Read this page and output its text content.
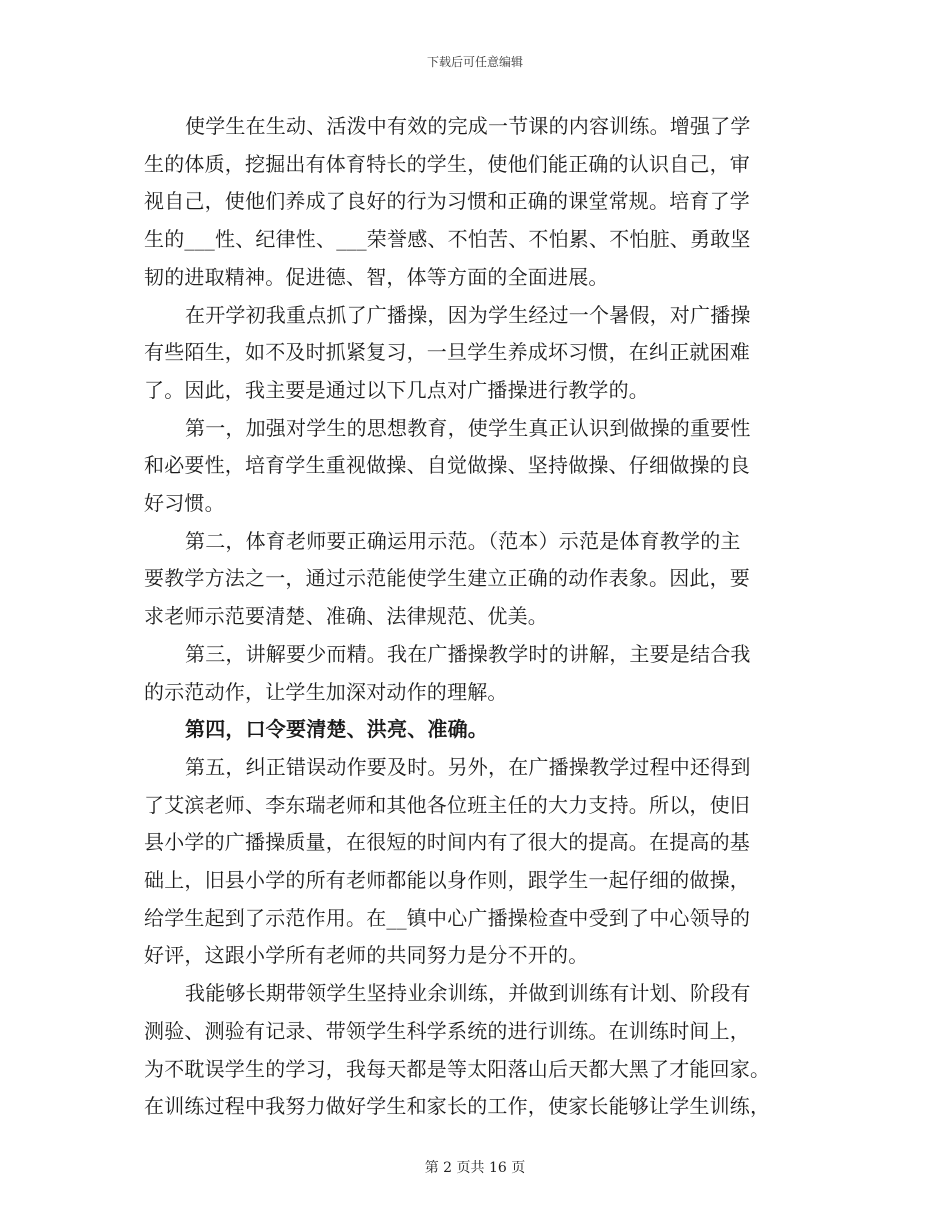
下载后可任意编辑

使学生在生动、活泼中有效的完成一节课的内容训练。增强了学
生的体质，挖掘出有体育特长的学生，使他们能正确的认识自己，审
视自己，使他们养成了良好的行为习惯和正确的课堂常规。培育了学
生的___性、纪律性、___荣誉感、不怕苦、不怕累、不怕脏、勇敢坚
韧的进取精神。促进德、智，体等方面的全面进展。

在开学初我重点抓了广播操，因为学生经过一个暑假，对广播操
有些陌生，如不及时抓紧复习，一旦学生养成坏习惯，在纠正就困难
了。因此，我主要是通过以下几点对广播操进行教学的。

第一，加强对学生的思想教育，使学生真正认识到做操的重要性
和必要性，培育学生重视做操、自觉做操、坚持做操、仔细做操的良
好习惯。

第二，体育老师要正确运用示范。（范本）示范是体育教学的主
要教学方法之一，通过示范能使学生建立正确的动作表象。因此，要
求老师示范要清楚、准确、法律规范、优美。

第三，讲解要少而精。我在广播操教学时的讲解，主要是结合我
的示范动作，让学生加深对动作的理解。

第四，口令要清楚、洪亮、准确。

第五，纠正错误动作要及时。另外，在广播操教学过程中还得到
了艾滨老师、李东瑞老师和其他各位班主任的大力支持。所以，使旧
县小学的广播操质量，在很短的时间内有了很大的提高。在提高的基
础上，旧县小学的所有老师都能以身作则，跟学生一起仔细的做操，
给学生起到了示范作用。在__镇中心广播操检查中受到了中心领导的
好评，这跟小学所有老师的共同努力是分不开的。

我能够长期带领学生坚持业余训练，并做到训练有计划、阶段有
测验、测验有记录、带领学生科学系统的进行训练。在训练时间上，
为不耽误学生的学习，我每天都是等太阳落山后天都大黑了才能回家。
在训练过程中我努力做好学生和家长的工作，使家长能够让学生训练，

第 2 页共 16 页
